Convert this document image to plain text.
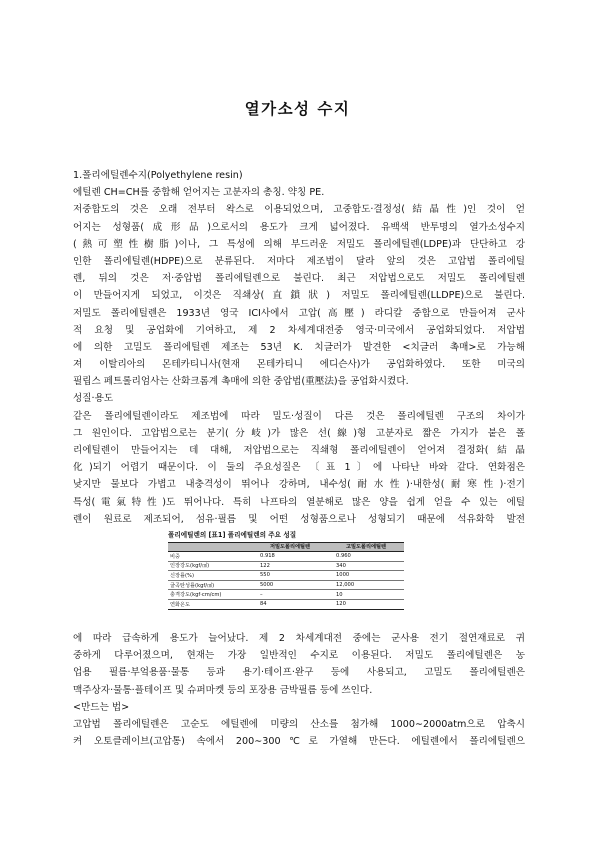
열가소성 수지
1.폴리에틸렌수지(Polyethylene resin)
에틸렌 CH=CH를 중합해 얻어지는 고분자의 총칭. 약칭 PE.
저중합도의 것은 오래 전부터 왁스로 이용되었으며, 고중합도·결정성(結晶性)인 것이 얻
어지는 성형품(成形品)으로서의 용도가 크게 넓어졌다. 유백색 반투명의 열가소성수지
(熱可塑性樹脂)이나, 그 특성에 의해 부드러운 저밀도 폴리에틸렌(LDPE)과 단단하고 강
인한 폴리에틸렌(HDPE)으로 분류된다. 저마다 제조법이 달라 앞의 것은 고압법 폴리에틸
렌, 뒤의 것은 저·중압법 폴리에틸렌으로 불린다. 최근 저압법으로도 저밀도 폴리에틸렌
이 만들어지게 되었고, 이것은 직쇄상(直鎖狀) 저밀도 폴리에틸렌(LLDPE)으로 불린다.
저밀도 폴리에틸렌은 1933년 영국 ICI사에서 고압(高壓) 라디칼 중합으로 만들어져 군사
적 요청 및 공업화에 기여하고, 제 2 차세계대전중 영국·미국에서 공업화되었다. 저압법
에 의한 고밀도 폴리에틸렌 제조는 53년 K. 치글러가 발견한 <치글러 촉매>로 가능해
져 이탈리아의 몬테카티니사(현재 몬테카티니 에디슨사)가 공업화하였다. 또한 미국의
필립스 페트롤리엄사는 산화크롬계 촉매에 의한 중압법(重壓法)을 공업화시켰다.
성질·용도
같은 폴리에틸렌이라도 제조법에 따라 밀도·성질이 다른 것은 폴리에틸렌 구조의 차이가
그 원인이다. 고압법으로는 분기(分岐)가 많은 선(線)형 고분자로 짧은 가지가 붙은 폴
리에틸렌이 만들어지는 데 대해, 저압법으로는 직쇄형 폴리에틸렌이 얻어져 결정화(結晶
化)되기 어렵기 때문이다. 이 둘의 주요성질은 〔표 1〕에 나타난 바와 같다. 연화점은
낮지만 물보다 가볍고 내충격성이 뛰어나 강하며, 내수성(耐水性)·내한성(耐寒性)·전기
특성(電氣特性)도 뛰어나다. 특히 나프타의 열분해로 많은 양을 쉽게 얻을 수 있는 에틸
렌이 원료로 제조되어, 섬유·필름 및 어떤 성형품으로나 성형되기 때문에 석유화학 발전
폴리에틸렌의 [표1] 폴리에틸렌의 주요 성질
	저밀도폴리에틸렌	고밀도폴리에틸렌
비중	0.918	0.960
인장강도(kgf/㎠)	122	340
신장률(%)	550	1000
굴곡탄성률(kgf/㎠)	5000	12,000
충격강도(kgf·cm/cm)	–	10
연화온도	84	120
에 따라 급속하게 용도가 늘어났다. 제 2 차세계대전 중에는 군사용 전기 절연재료로 귀
중하게 다루어졌으며, 현재는 가장 일반적인 수지로 이용된다. 저밀도 폴리에틸렌은 농
업용 필름·부엌용품·물통 등과 용기·테이프·완구 등에 사용되고, 고밀도 폴리에틸렌은
맥주상자·물통·플테이프 및 슈퍼마켓 등의 포장용 금박필름 등에 쓰인다.
<만드는 법>
고압법 폴리에틸렌은 고순도 에틸렌에 미량의 산소를 첨가해 1000∼2000atm으로 압축시
켜 오토클레이브(고압통) 속에서 200∼300℃로 가열해 만든다. 에틸렌에서 폴리에틸렌으
